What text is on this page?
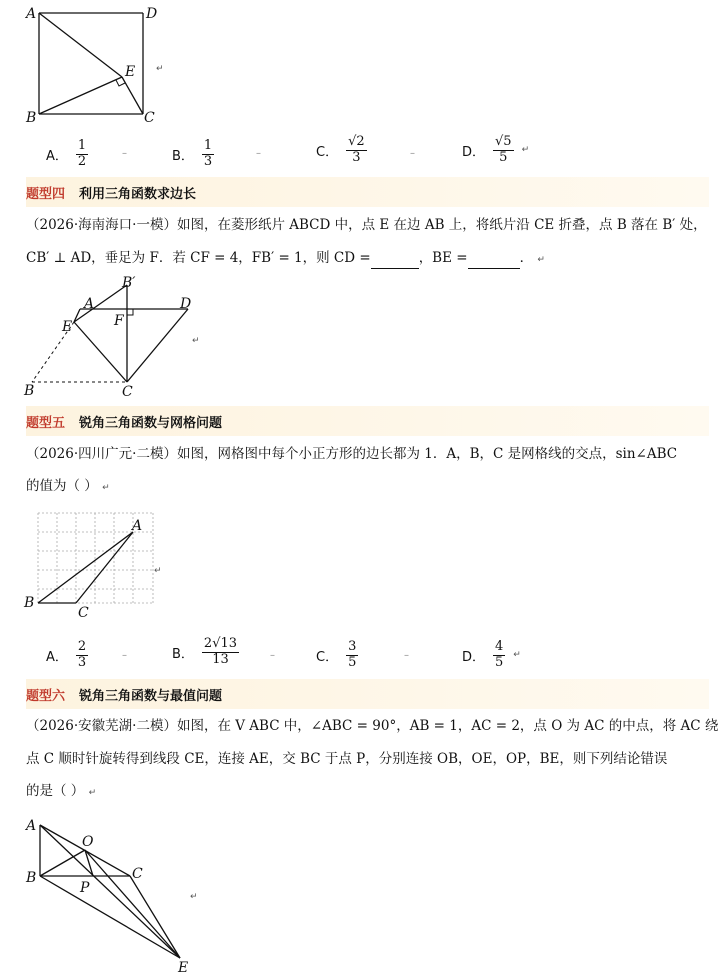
A	D
E
B	C
↵
A． $\frac{1}{2}$	–	B． $\frac{1}{3}$	–	C． $\frac{√2}{3}$	–	D． $\frac{√5}{5}$ ↵
题型四 利用三角函数求边长
（2026·海南海口·一模）如图，在菱形纸片 ABCD 中，点 E 在边 AB 上，将纸片沿 CE 折叠，点 B 落在 B′ 处，
CB′ ⊥ AD，垂足为 F．若 CF = 4，FB′ = 1，则 CD =	，BE =	． ↵
A
B′
D
E	F
B	C
↵
题型五 锐角三角函数与网格问题
（2026·四川广元·二模）如图，网格图中每个小正方形的边长都为 1．A，B，C 是网格线的交点，sin∠ABC
的值为（ ） ↵
A
B
C
↵
A． $\frac{2}{3}$	–	B． $\frac{2√13}{13}$	–	C． $\frac{3}{5}$	–	D． $\frac{4}{5}$ ↵
题型六 锐角三角函数与最值问题
（2026·安徽芜湖·二模）如图，在 V ABC 中，∠ABC = 90°，AB = 1，AC = 2，点 O 为 AC 的中点，将 AC 绕
点 C 顺时针旋转得到线段 CE，连接 AE，交 BC 于点 P，分别连接 OB，OE，OP，BE，则下列结论错误
的是（ ） ↵
A
O
B
P
C
E
↵
